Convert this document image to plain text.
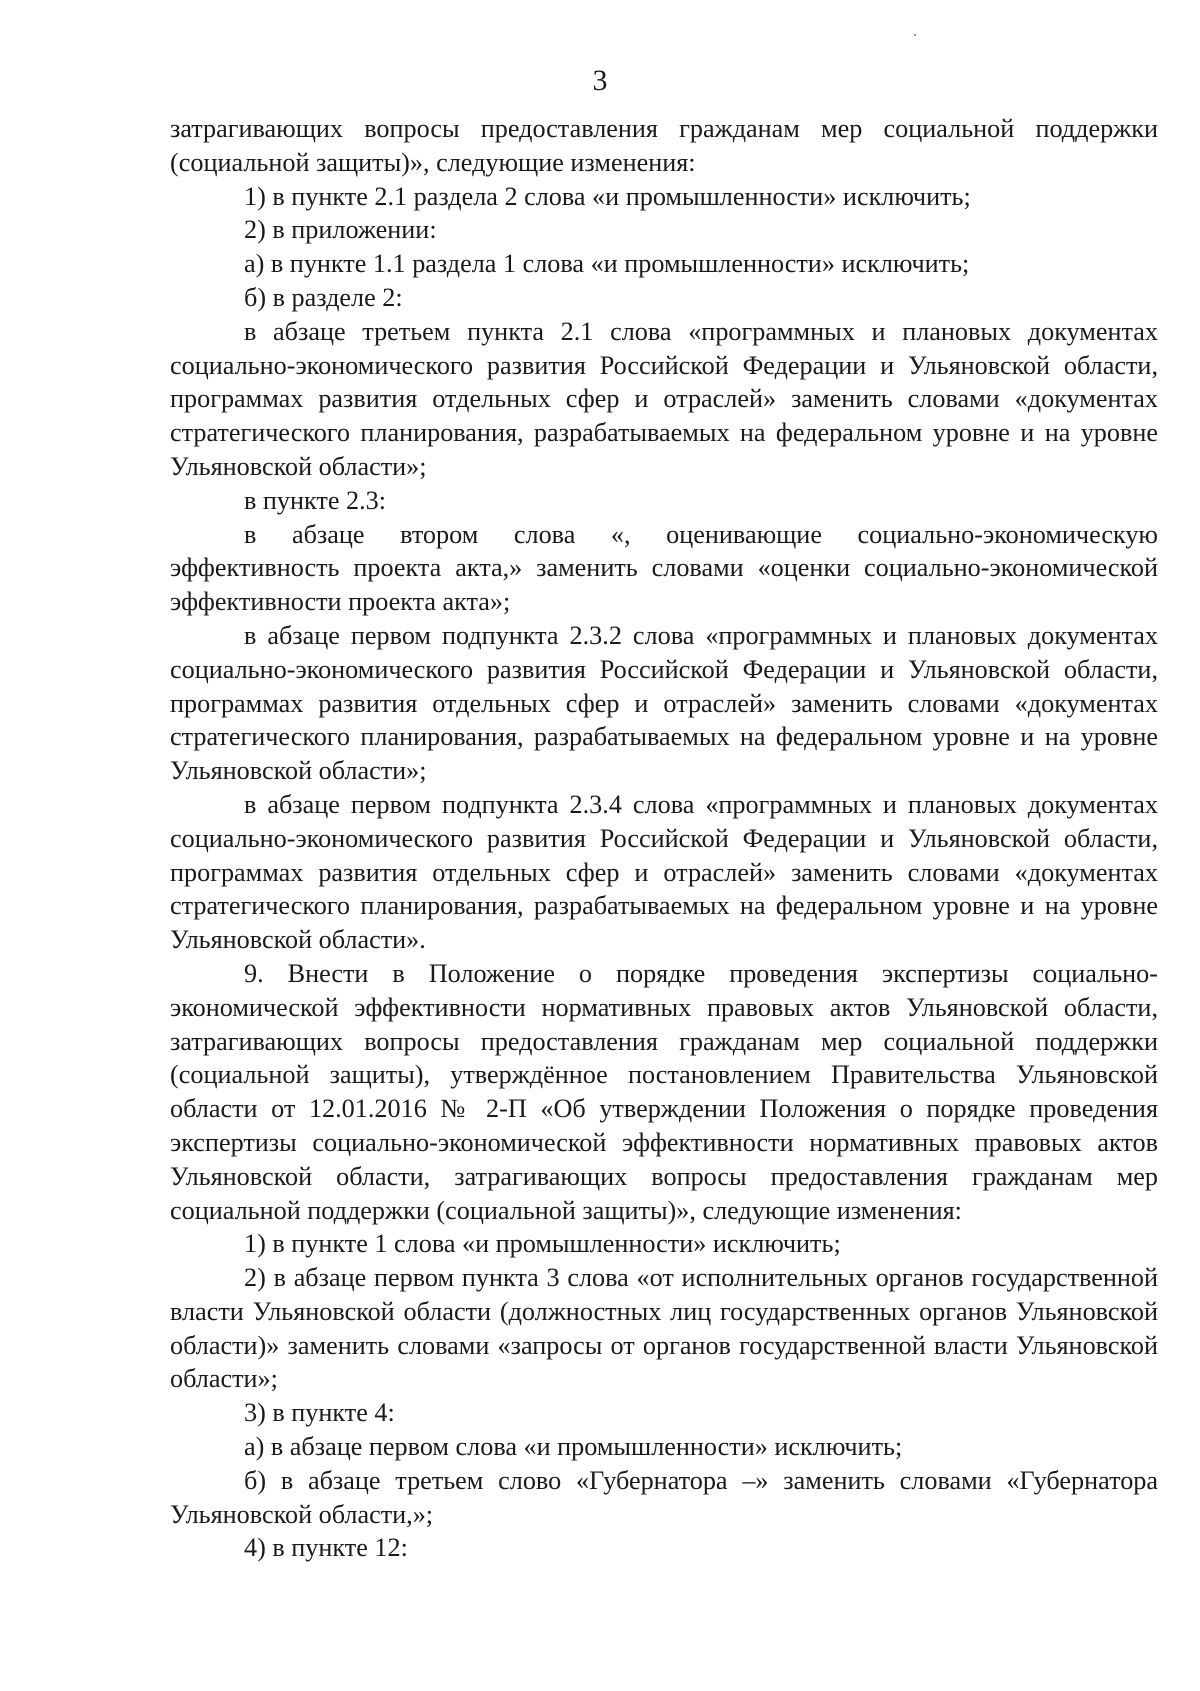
3

затрагивающих вопросы предоставления гражданам мер социальной поддержки (социальной защиты)», следующие изменения:

1) в пункте 2.1 раздела 2 слова «и промышленности» исключить;

2) в приложении:

а) в пункте 1.1 раздела 1 слова «и промышленности» исключить;

б) в разделе 2:

в абзаце третьем пункта 2.1 слова «программных и плановых документах социально-экономического развития Российской Федерации и Ульяновской области, программах развития отдельных сфер и отраслей» заменить словами «документах стратегического планирования, разрабатываемых на федеральном уровне и на уровне Ульяновской области»;

в пункте 2.3:

в абзаце втором слова «, оценивающие социально-экономическую эффективность проекта акта,» заменить словами «оценки социально-экономической эффективности проекта акта»;

в абзаце первом подпункта 2.3.2 слова «программных и плановых документах социально-экономического развития Российской Федерации и Ульяновской области, программах развития отдельных сфер и отраслей» заменить словами «документах стратегического планирования, разрабатываемых на федеральном уровне и на уровне Ульяновской области»;

в абзаце первом подпункта 2.3.4 слова «программных и плановых документах социально-экономического развития Российской Федерации и Ульяновской области, программах развития отдельных сфер и отраслей» заменить словами «документах стратегического планирования, разрабатываемых на федеральном уровне и на уровне Ульяновской области».

9. Внести в Положение о порядке проведения экспертизы социально-экономической эффективности нормативных правовых актов Ульяновской области, затрагивающих вопросы предоставления гражданам мер социальной поддержки (социальной защиты), утверждённое постановлением Правительства Ульяновской области от 12.01.2016 № 2-П «Об утверждении Положения о порядке проведения экспертизы социально-экономической эффективности нормативных правовых актов Ульяновской области, затрагивающих вопросы предоставления гражданам мер социальной поддержки (социальной защиты)», следующие изменения:

1) в пункте 1 слова «и промышленности» исключить;

2) в абзаце первом пункта 3 слова «от исполнительных органов государственной власти Ульяновской области (должностных лиц государственных органов Ульяновской области)» заменить словами «запросы от органов государственной власти Ульяновской области»;

3) в пункте 4:

а) в абзаце первом слова «и промышленности» исключить;

б) в абзаце третьем слово «Губернатора –» заменить словами «Губернатора Ульяновской области,»;

4) в пункте 12:
